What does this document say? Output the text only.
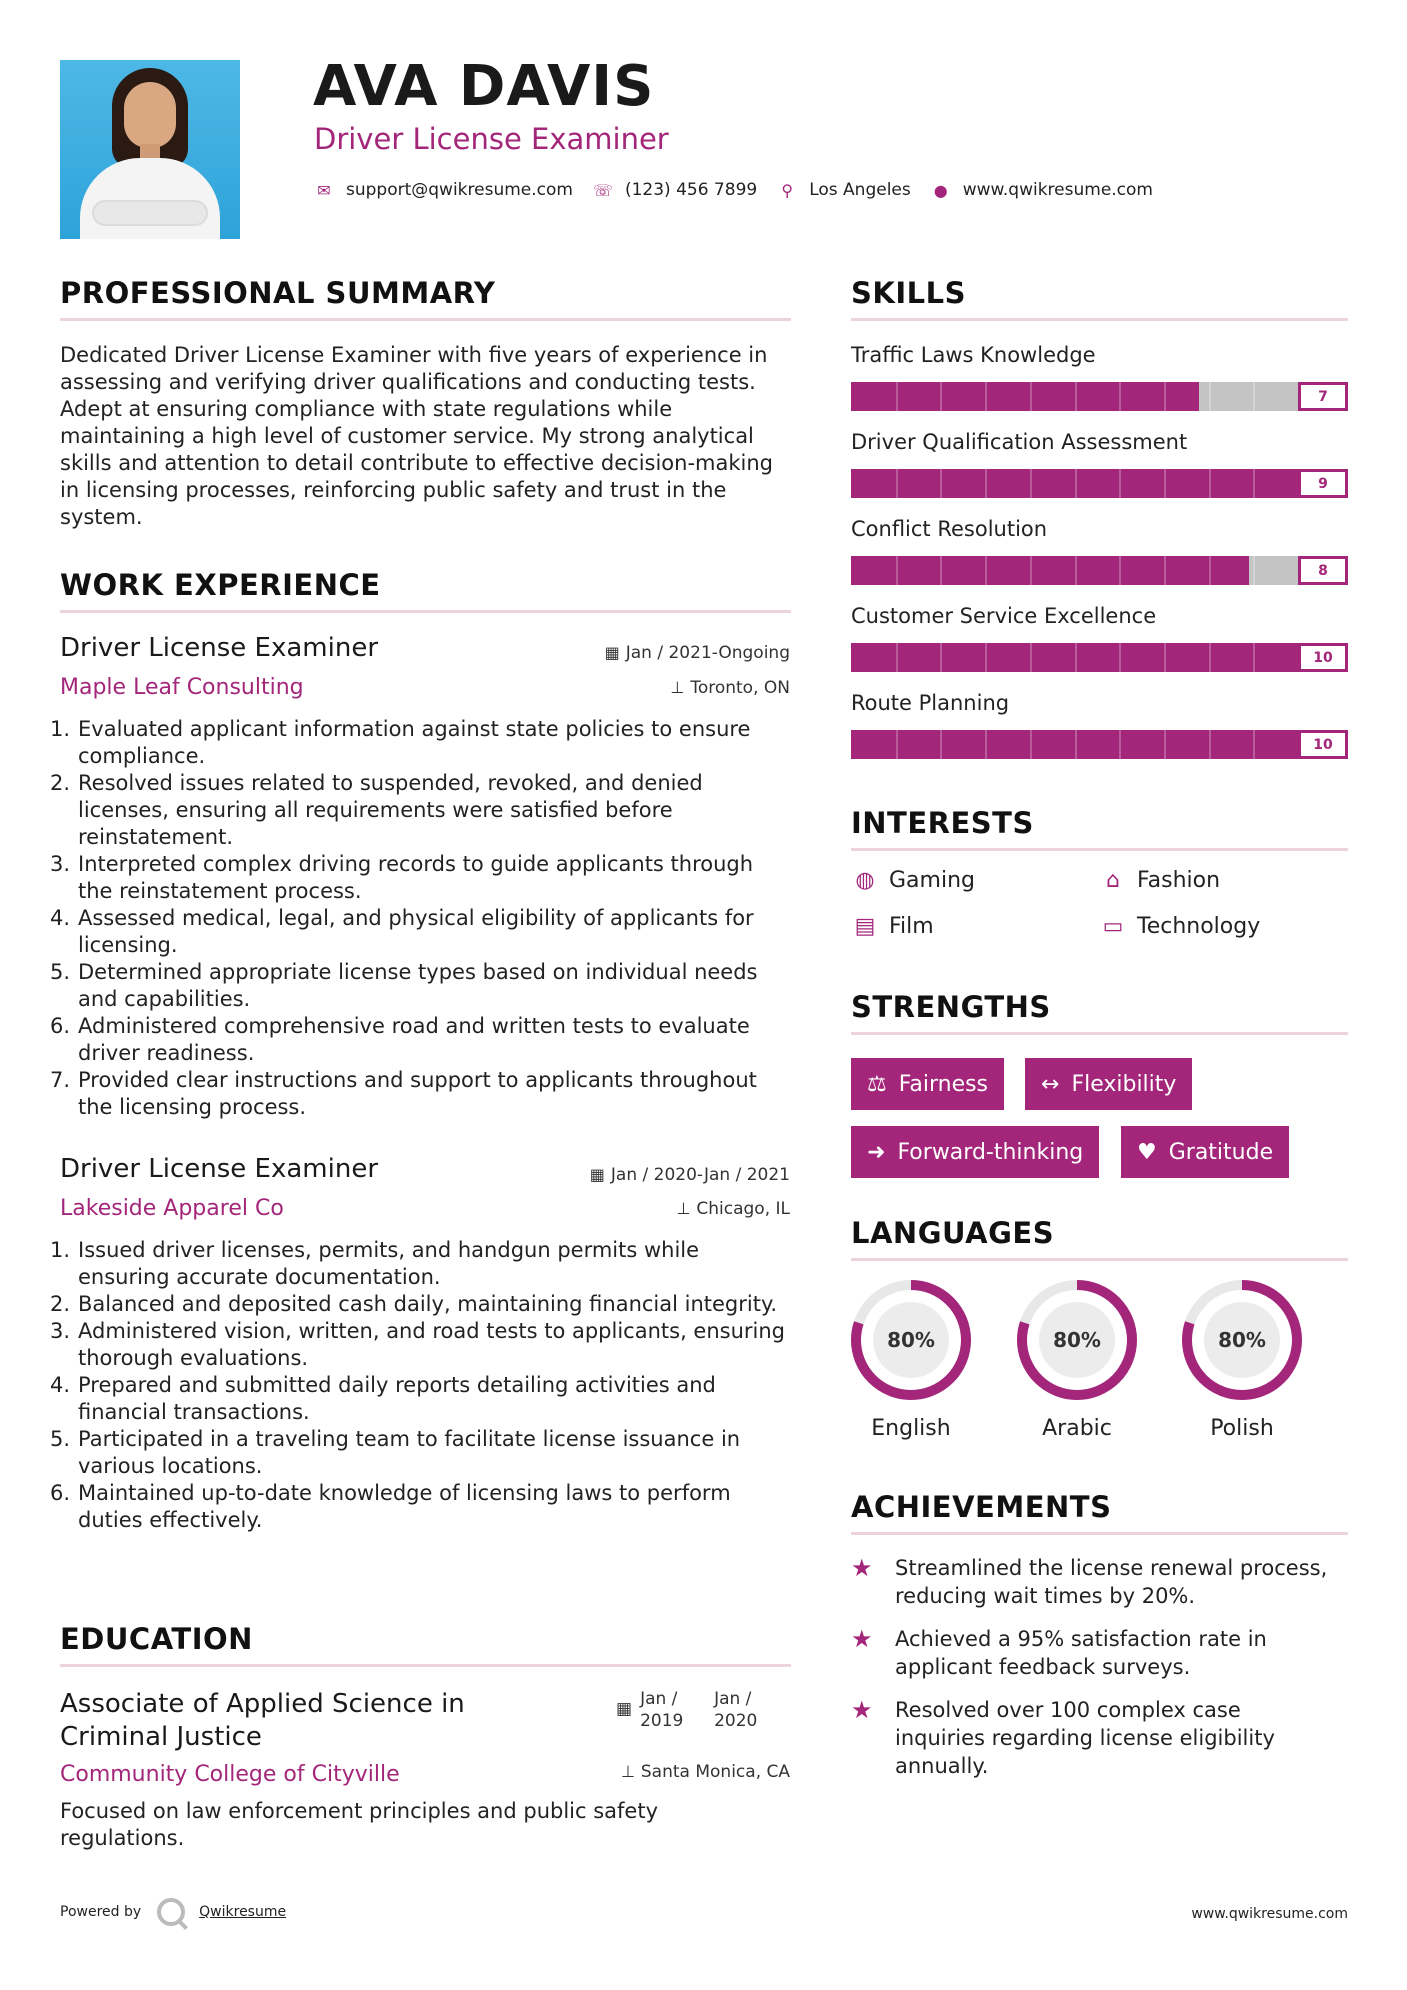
AVA DAVIS
Driver License Examiner
✉ support@qwikresume.com ☏ (123) 456 7899 ⚲ Los Angeles ● www.qwikresume.com
PROFESSIONAL SUMMARY
Dedicated Driver License Examiner with five years of experience in assessing and verifying driver qualifications and conducting tests. Adept at ensuring compliance with state regulations while maintaining a high level of customer service. My strong analytical skills and attention to detail contribute to effective decision-making in licensing processes, reinforcing public safety and trust in the system.
WORK EXPERIENCE
Driver License Examiner	▦ Jan / 2021-Ongoing
Maple Leaf Consulting	⊥ Toronto, ON
1. Evaluated applicant information against state policies to ensure compliance.
2. Resolved issues related to suspended, revoked, and denied licenses, ensuring all requirements were satisfied before reinstatement.
3. Interpreted complex driving records to guide applicants through the reinstatement process.
4. Assessed medical, legal, and physical eligibility of applicants for licensing.
5. Determined appropriate license types based on individual needs and capabilities.
6. Administered comprehensive road and written tests to evaluate driver readiness.
7. Provided clear instructions and support to applicants throughout the licensing process.
Driver License Examiner	▦ Jan / 2020-Jan / 2021
Lakeside Apparel Co	⊥ Chicago, IL
1. Issued driver licenses, permits, and handgun permits while ensuring accurate documentation.
2. Balanced and deposited cash daily, maintaining financial integrity.
3. Administered vision, written, and road tests to applicants, ensuring thorough evaluations.
4. Prepared and submitted daily reports detailing activities and financial transactions.
5. Participated in a traveling team to facilitate license issuance in various locations.
6. Maintained up-to-date knowledge of licensing laws to perform duties effectively.
EDUCATION
Associate of Applied Science in Criminal Justice
▦ Jan / 2019
Jan / 2020
Community College of Cityville	⊥ Santa Monica, CA
Focused on law enforcement principles and public safety regulations.
SKILLS
Traffic Laws Knowledge
7
Driver Qualification Assessment
9
Conflict Resolution
8
Customer Service Excellence
10
Route Planning
10
INTERESTS
◍ Gaming	⌂ Fashion
▤ Film	▭ Technology
STRENGTHS
⚖ Fairness ↔ Flexibility
➜ Forward-thinking ♥ Gratitude
LANGUAGES
80%
English
80%
Arabic
80%
Polish
ACHIEVEMENTS
★	Streamlined the license renewal process, reducing wait times by 20%.
★	Achieved a 95% satisfaction rate in applicant feedback surveys.
★	Resolved over 100 complex case inquiries regarding license eligibility annually.
Powered by	Qwikresume	www.qwikresume.com
